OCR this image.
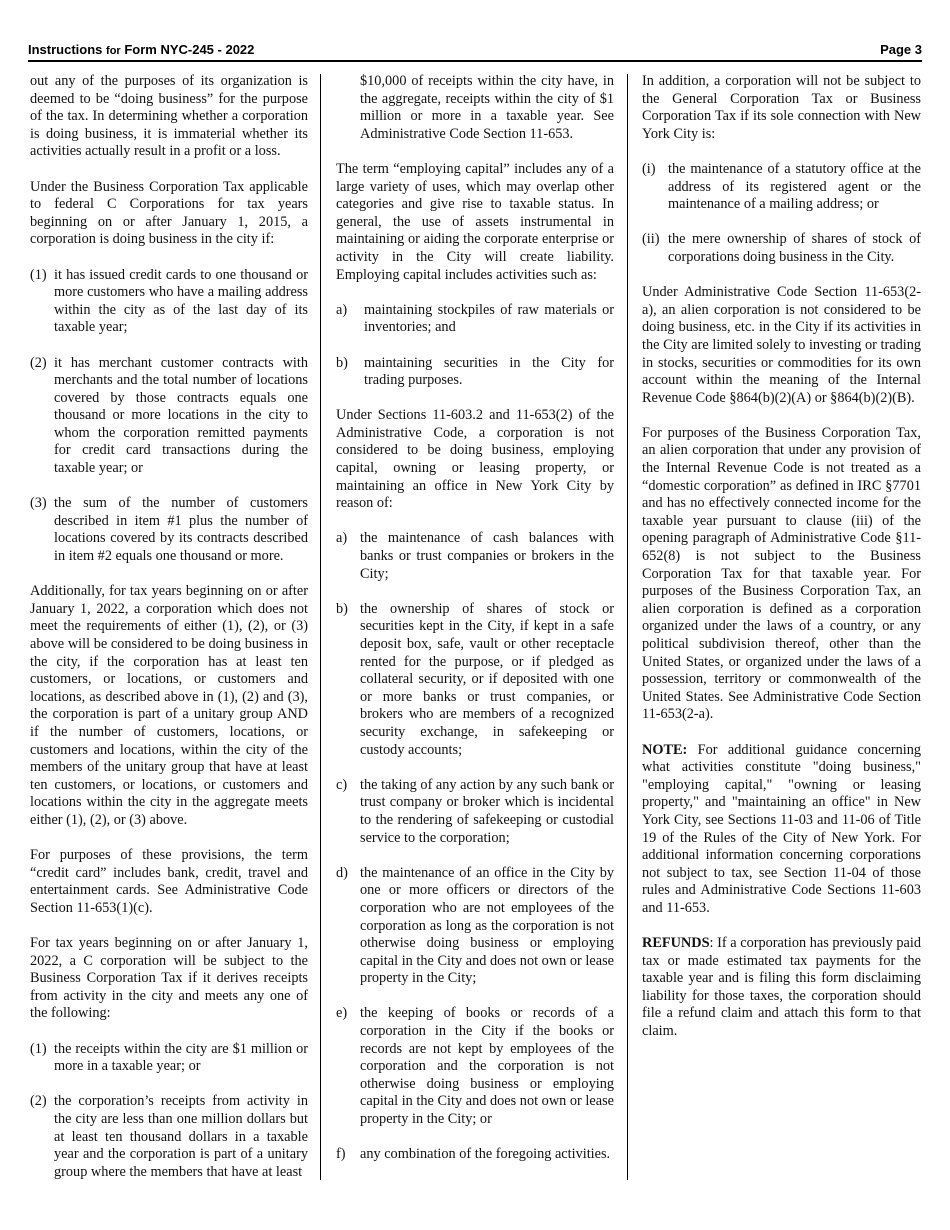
Instructions for Form NYC-245 - 2022	Page 3

out any of the purposes of its organization is deemed to be “doing business” for the purpose of the tax. In determining whether a corporation is doing business, it is immaterial whether its activities actually result in a profit or a loss.

Under the Business Corporation Tax applicable to federal C Corporations for tax years beginning on or after January 1, 2015, a corporation is doing business in the city if:

(1) it has issued credit cards to one thousand or more customers who have a mailing address within the city as of the last day of its taxable year;
(2) it has merchant customer contracts with merchants and the total number of locations covered by those contracts equals one thousand or more locations in the city to whom the corporation remitted payments for credit card transactions during the taxable year; or
(3) the sum of the number of customers described in item #1 plus the number of locations covered by its contracts described in item #2 equals one thousand or more.

Additionally, for tax years beginning on or after January 1, 2022, a corporation which does not meet the requirements of either (1), (2), or (3) above will be considered to be doing business in the city, if the corporation has at least ten customers, or locations, or customers and locations, as described above in (1), (2) and (3), the corporation is part of a unitary group AND if the number of customers, locations, or customers and locations, within the city of the members of the unitary group that have at least ten customers, or locations, or customers and locations within the city in the aggregate meets either (1), (2), or (3) above.

For purposes of these provisions, the term “credit card” includes bank, credit, travel and entertainment cards. See Administrative Code Section 11-653(1)(c).

For tax years beginning on or after January 1, 2022, a C corporation will be subject to the Business Corporation Tax if it derives receipts from activity in the city and meets any one of the following:

(1) the receipts within the city are $1 million or more in a taxable year; or
(2) the corporation’s receipts from activity in the city are less than one million dollars but at least ten thousand dollars in a taxable year and the corporation is part of a unitary group where the members that have at least

$10,000 of receipts within the city have, in the aggregate, receipts within the city of $1 million or more in a taxable year. See Administrative Code Section 11-653.

The term “employing capital” includes any of a large variety of uses, which may overlap other categories and give rise to taxable status. In general, the use of assets instrumental in maintaining or aiding the corporate enterprise or activity in the City will create liability. Employing capital includes activities such as:

a) maintaining stockpiles of raw materials or inventories; and
b) maintaining securities in the City for trading purposes.

Under Sections 11-603.2 and 11-653(2) of the Administrative Code, a corporation is not considered to be doing business, employing capital, owning or leasing property, or maintaining an office in New York City by reason of:

a) the maintenance of cash balances with banks or trust companies or brokers in the City;
b) the ownership of shares of stock or securities kept in the City, if kept in a safe deposit box, safe, vault or other receptacle rented for the purpose, or if pledged as collateral security, or if deposited with one or more banks or trust companies, or brokers who are members of a recognized security exchange, in safekeeping or custody accounts;
c) the taking of any action by any such bank or trust company or broker which is incidental to the rendering of safekeeping or custodial service to the corporation;
d) the maintenance of an office in the City by one or more officers or directors of the corporation who are not employees of the corporation as long as the corporation is not otherwise doing business or employing capital in the City and does not own or lease property in the City;
e) the keeping of books or records of a corporation in the City if the books or records are not kept by employees of the corporation and the corporation is not otherwise doing business or employing capital in the City and does not own or lease property in the City; or
f) any combination of the foregoing activities.

In addition, a corporation will not be subject to the General Corporation Tax or Business Corporation Tax if its sole connection with New York City is:

(i) the maintenance of a statutory office at the address of its registered agent or the maintenance of a mailing address; or
(ii) the mere ownership of shares of stock of corporations doing business in the City.

Under Administrative Code Section 11-653(2-a), an alien corporation is not considered to be doing business, etc. in the City if its activities in the City are limited solely to investing or trading in stocks, securities or commodities for its own account within the meaning of the Internal Revenue Code §864(b)(2)(A) or §864(b)(2)(B).

For purposes of the Business Corporation Tax, an alien corporation that under any provision of the Internal Revenue Code is not treated as a “domestic corporation” as defined in IRC §7701 and has no effectively connected income for the taxable year pursuant to clause (iii) of the opening paragraph of Administrative Code §11-652(8) is not subject to the Business Corporation Tax for that taxable year. For purposes of the Business Corporation Tax, an alien corporation is defined as a corporation organized under the laws of a country, or any political subdivision thereof, other than the United States, or organized under the laws of a possession, territory or commonwealth of the United States. See Administrative Code Section 11-653(2-a).

NOTE: For additional guidance concerning what activities constitute "doing business," "employing capital," "owning or leasing property," and "maintaining an office" in New York City, see Sections 11-03 and 11-06 of Title 19 of the Rules of the City of New York. For additional information concerning corporations not subject to tax, see Section 11-04 of those rules and Administrative Code Sections 11-603 and 11-653.

REFUNDS: If a corporation has previously paid tax or made estimated tax payments for the taxable year and is filing this form disclaiming liability for those taxes, the corporation should file a refund claim and attach this form to that claim.
